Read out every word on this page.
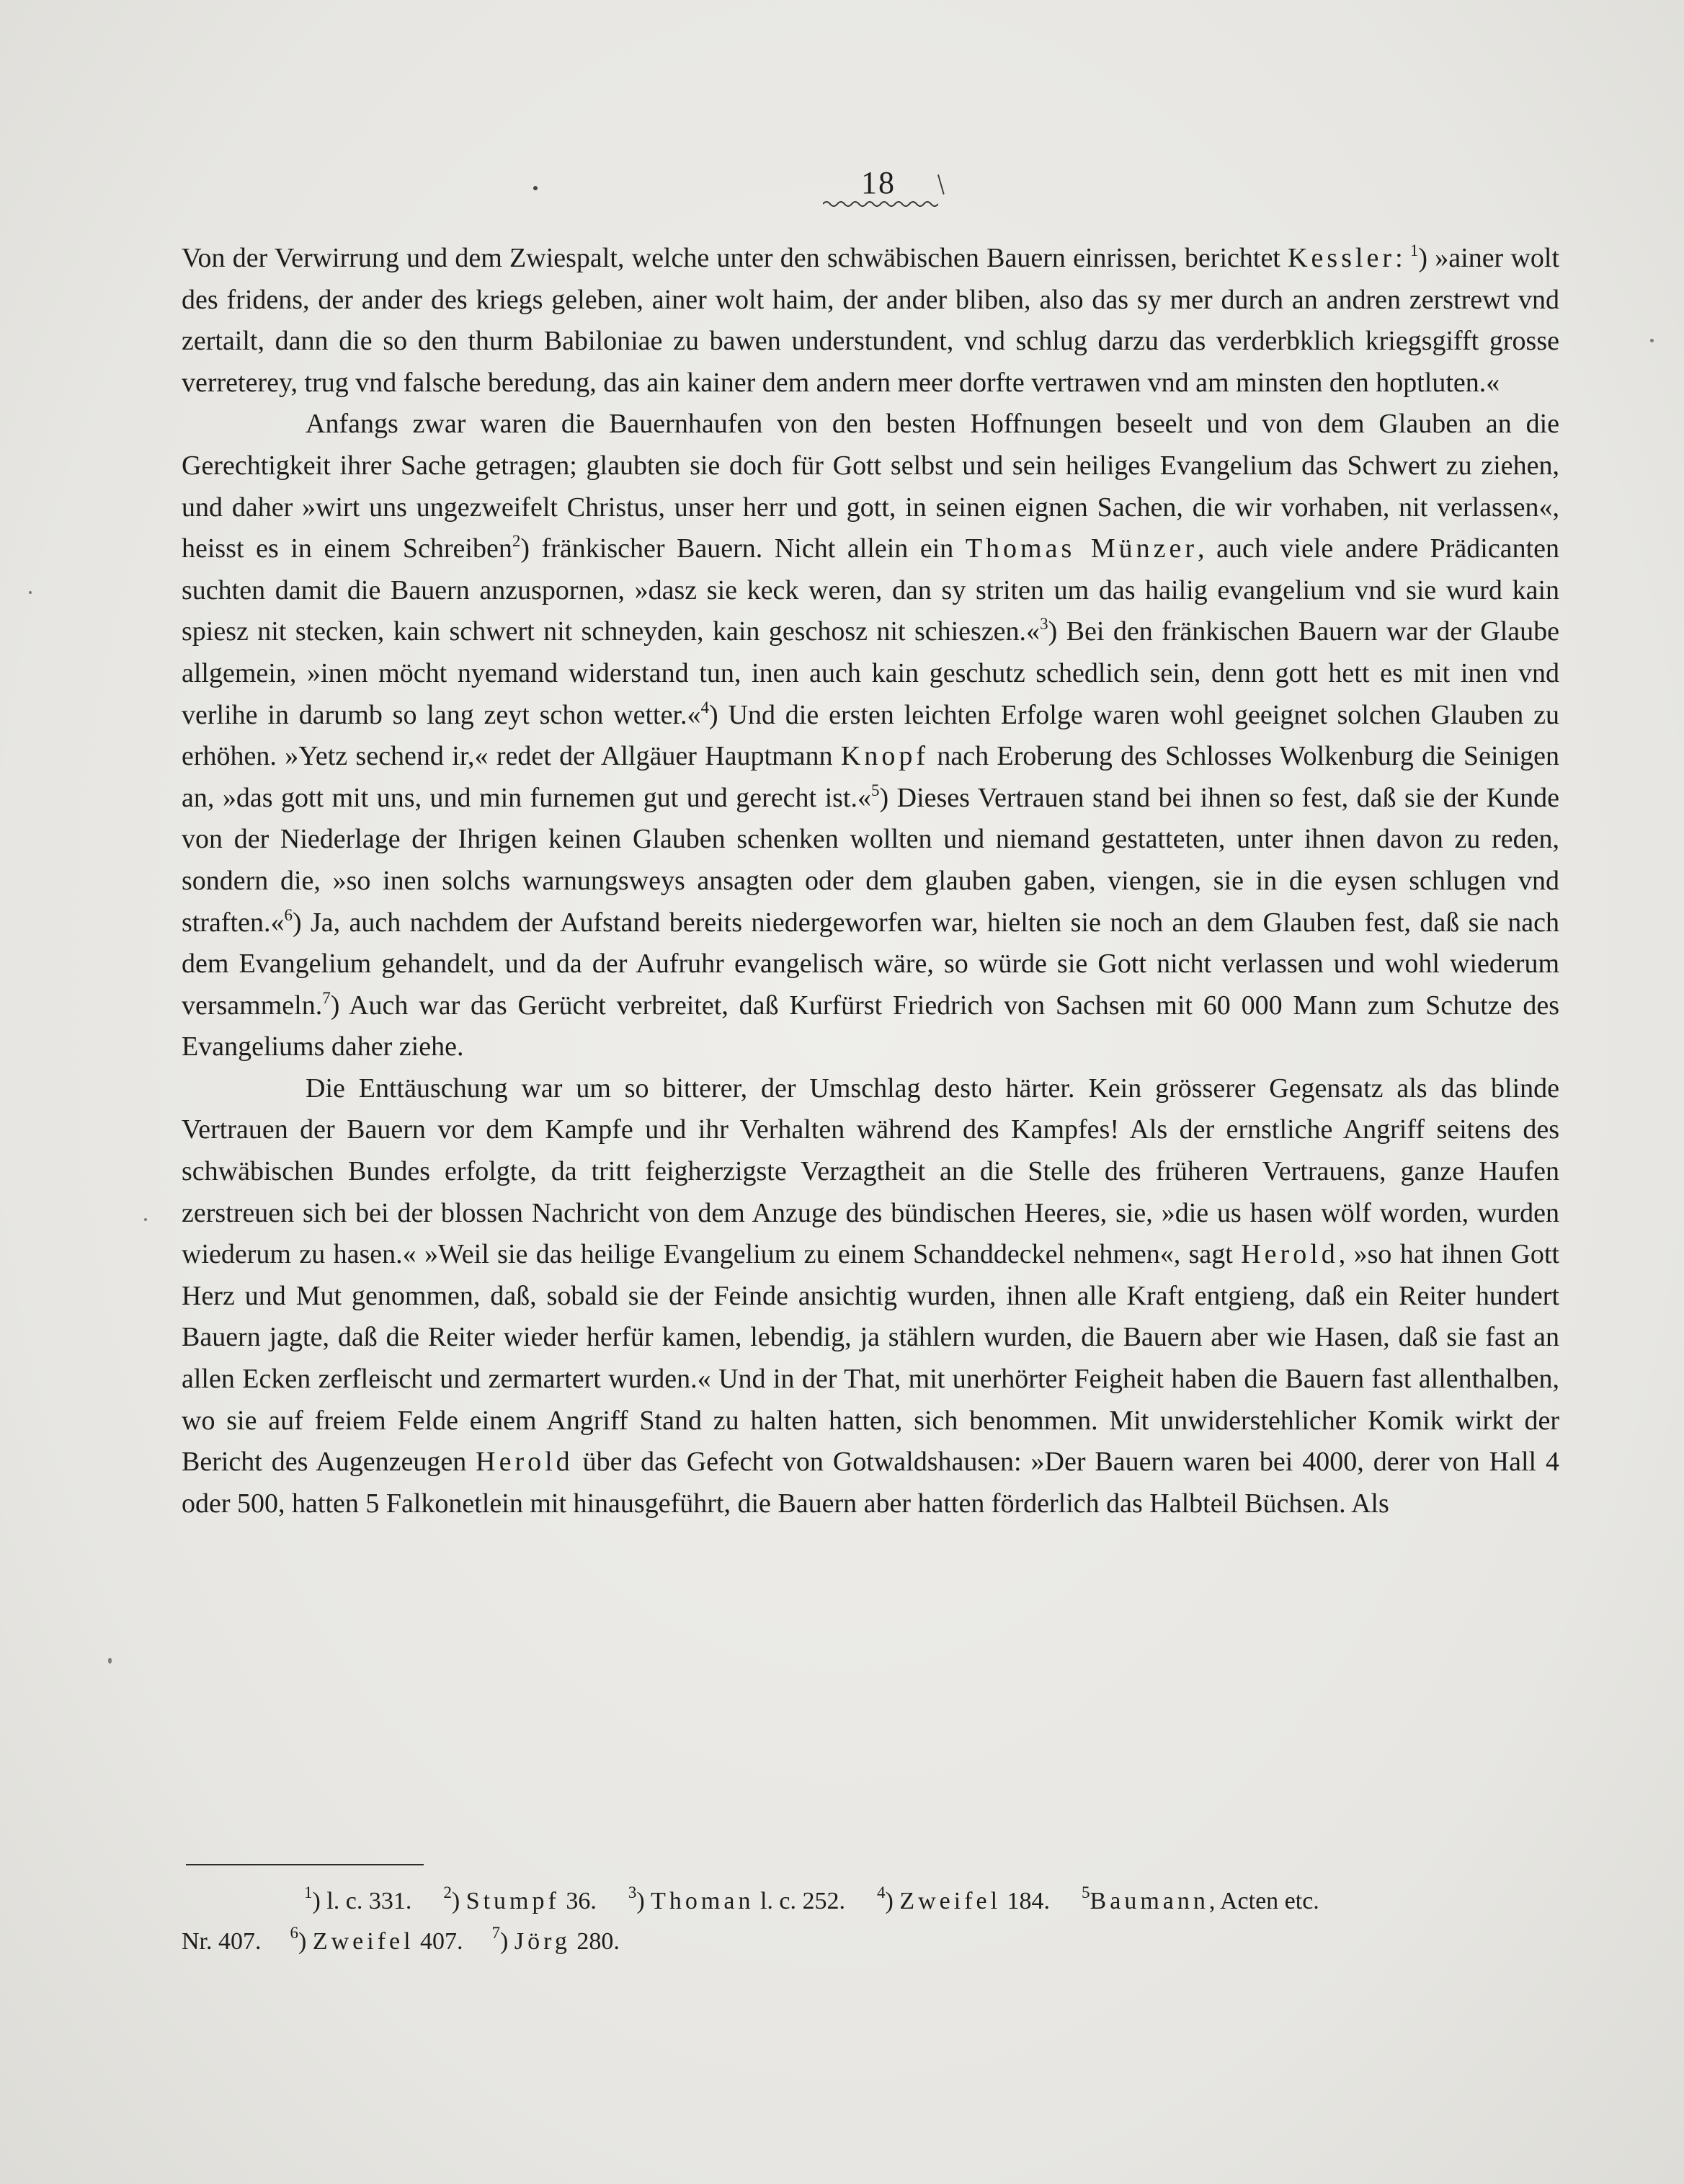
18 /

Von der Verwirrung und dem Zwiespalt, welche unter den schwäbischen Bauern einrissen, berichtet Kessler: $^1$) »ainer wolt des fridens, der ander des kriegs geleben, ainer wolt haim, der ander bliben, also das sy mer durch an andren zerstrewt vnd zertailt, dann die so den thurm Babiloniae zu bawen understundent, vnd schlug darzu das verderbklich kriegsgifft grosse verreterey, trug vnd falsche beredung, das ain kainer dem andern meer dorfte vertrawen vnd am minsten den hoptluten.«

Anfangs zwar waren die Bauernhaufen von den besten Hoffnungen beseelt und von dem Glauben an die Gerechtigkeit ihrer Sache getragen; glaubten sie doch für Gott selbst und sein heiliges Evangelium das Schwert zu ziehen, und daher »wirt uns ungezweifelt Christus, unser herr und gott, in seinen eignen Sachen, die wir vorhaben, nit verlassen«, heisst es in einem Schreiben$^2$) fränkischer Bauern. Nicht allein ein Thomas Münzer, auch viele andere Prädicanten suchten damit die Bauern anzuspornen, »dasz sie keck weren, dan sy striten um das hailig evangelium vnd sie wurd kain spiesz nit stecken, kain schwert nit schneyden, kain geschosz nit schieszen.«$^3$) Bei den fränkischen Bauern war der Glaube allgemein, »inen möcht nyemand widerstand tun, inen auch kain geschutz schedlich sein, denn gott hett es mit inen vnd verlihe in darumb so lang zeyt schon wetter.«$^4$) Und die ersten leichten Erfolge waren wohl geeignet solchen Glauben zu erhöhen. »Yetz sechend ir,« redet der Allgäuer Hauptmann Knopf nach Eroberung des Schlosses Wolkenburg die Seinigen an, »das gott mit uns, und min furnemen gut und gerecht ist.«$^5$) Dieses Vertrauen stand bei ihnen so fest, daß sie der Kunde von der Niederlage der Ihrigen keinen Glauben schenken wollten und niemand gestatteten, unter ihnen davon zu reden, sondern die, »so inen solchs warnungsweys ansagten oder dem glauben gaben, viengen, sie in die eysen schlugen vnd straften.«$^6$) Ja, auch nachdem der Aufstand bereits niedergeworfen war, hielten sie noch an dem Glauben fest, daß sie nach dem Evangelium gehandelt, und da der Aufruhr evangelisch wäre, so würde sie Gott nicht verlassen und wohl wiederum versammeln.$^7$) Auch war das Gerücht verbreitet, daß Kurfürst Friedrich von Sachsen mit 60 000 Mann zum Schutze des Evangeliums daher ziehe.

Die Enttäuschung war um so bitterer, der Umschlag desto härter. Kein grösserer Gegensatz als das blinde Vertrauen der Bauern vor dem Kampfe und ihr Verhalten während des Kampfes! Als der ernstliche Angriff seitens des schwäbischen Bundes erfolgte, da tritt feigherzigste Verzagtheit an die Stelle des früheren Vertrauens, ganze Haufen zerstreuen sich bei der blossen Nachricht von dem Anzuge des bündischen Heeres, sie, »die us hasen wölf worden, wurden wiederum zu hasen.« »Weil sie das heilige Evangelium zu einem Schanddeckel nehmen«, sagt Herold, »so hat ihnen Gott Herz und Mut genommen, daß, sobald sie der Feinde ansichtig wurden, ihnen alle Kraft entgieng, daß ein Reiter hundert Bauern jagte, daß die Reiter wieder herfür kamen, lebendig, ja stählern wurden, die Bauern aber wie Hasen, daß sie fast an allen Ecken zerfleischt und zermartert wurden.« Und in der That, mit unerhörter Feigheit haben die Bauern fast allenthalben, wo sie auf freiem Felde einem Angriff Stand zu halten hatten, sich benommen. Mit unwiderstehlicher Komik wirkt der Bericht des Augenzeugen Herold über das Gefecht von Gotwaldshausen: »Der Bauern waren bei 4000, derer von Hall 4 oder 500, hatten 5 Falkonetlein mit hinausgeführt, die Bauern aber hatten förderlich das Halbteil Büchsen. Als

$^1$) l. c. 331. $^2$) Stumpf 36. $^3$) Thoman l. c. 252. $^4$) Zweifel 184. $^5$Baumann, Acten etc.
Nr. 407. $^6$) Zweifel 407. $^7$) Jörg 280.
